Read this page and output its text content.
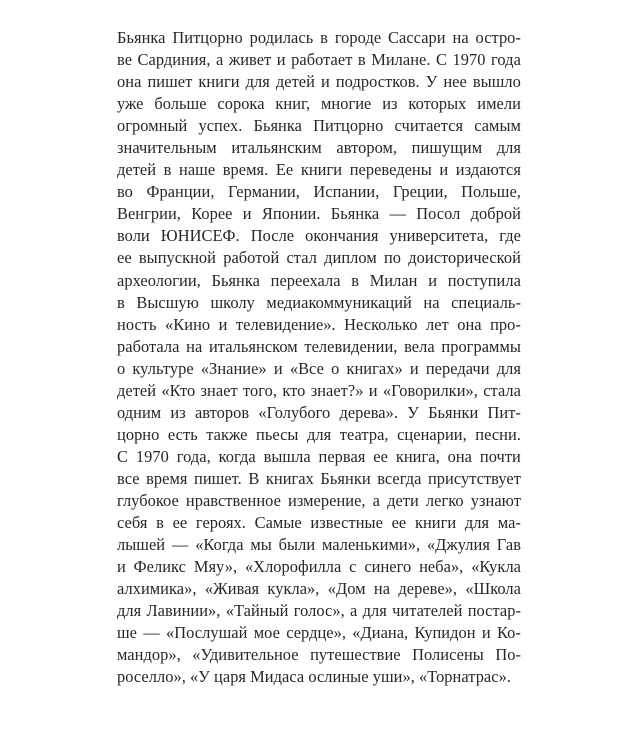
Бьянка Питцорно родилась в городе Сассари на остро-
ве Сардиния, а живет и работает в Милане. С 1970 года
она пишет книги для детей и подростков. У нее вышло
уже больше сорока книг, многие из которых имели
огромный успех. Бьянка Питцорно считается самым
значительным итальянским автором, пишущим для
детей в наше время. Ее книги переведены и издаются
во Франции, Германии, Испании, Греции, Польше,
Венгрии, Корее и Японии. Бьянка — Посол доброй
воли ЮНИСЕФ. После окончания университета, где
ее выпускной работой стал диплом по доисторической
археологии, Бьянка переехала в Милан и поступила
в Высшую школу медиакоммуникаций на специаль-
ность «Кино и телевидение». Несколько лет она про-
работала на итальянском телевидении, вела программы
о культуре «Знание» и «Все о книгах» и передачи для
детей «Кто знает того, кто знает?» и «Говорилки», стала
одним из авторов «Голубого дерева». У Бьянки Пит-
цорно есть также пьесы для театра, сценарии, песни.
С 1970 года, когда вышла первая ее книга, она почти
все время пишет. В книгах Бьянки всегда присутствует
глубокое нравственное измерение, а дети легко узнают
себя в ее героях. Самые известные ее книги для ма-
лышей — «Когда мы были маленькими», «Джулия Гав
и Феликс Мяу», «Хлорофилла с синего неба», «Кукла
алхимика», «Живая кукла», «Дом на дереве», «Школа
для Лавинии», «Тайный голос», а для читателей постар-
ше — «Послушай мое сердце», «Диана, Купидон и Ко-
мандор», «Удивительное путешествие Полисены По-
роселло», «У царя Мидаса ослиные уши», «Торнатрас».
